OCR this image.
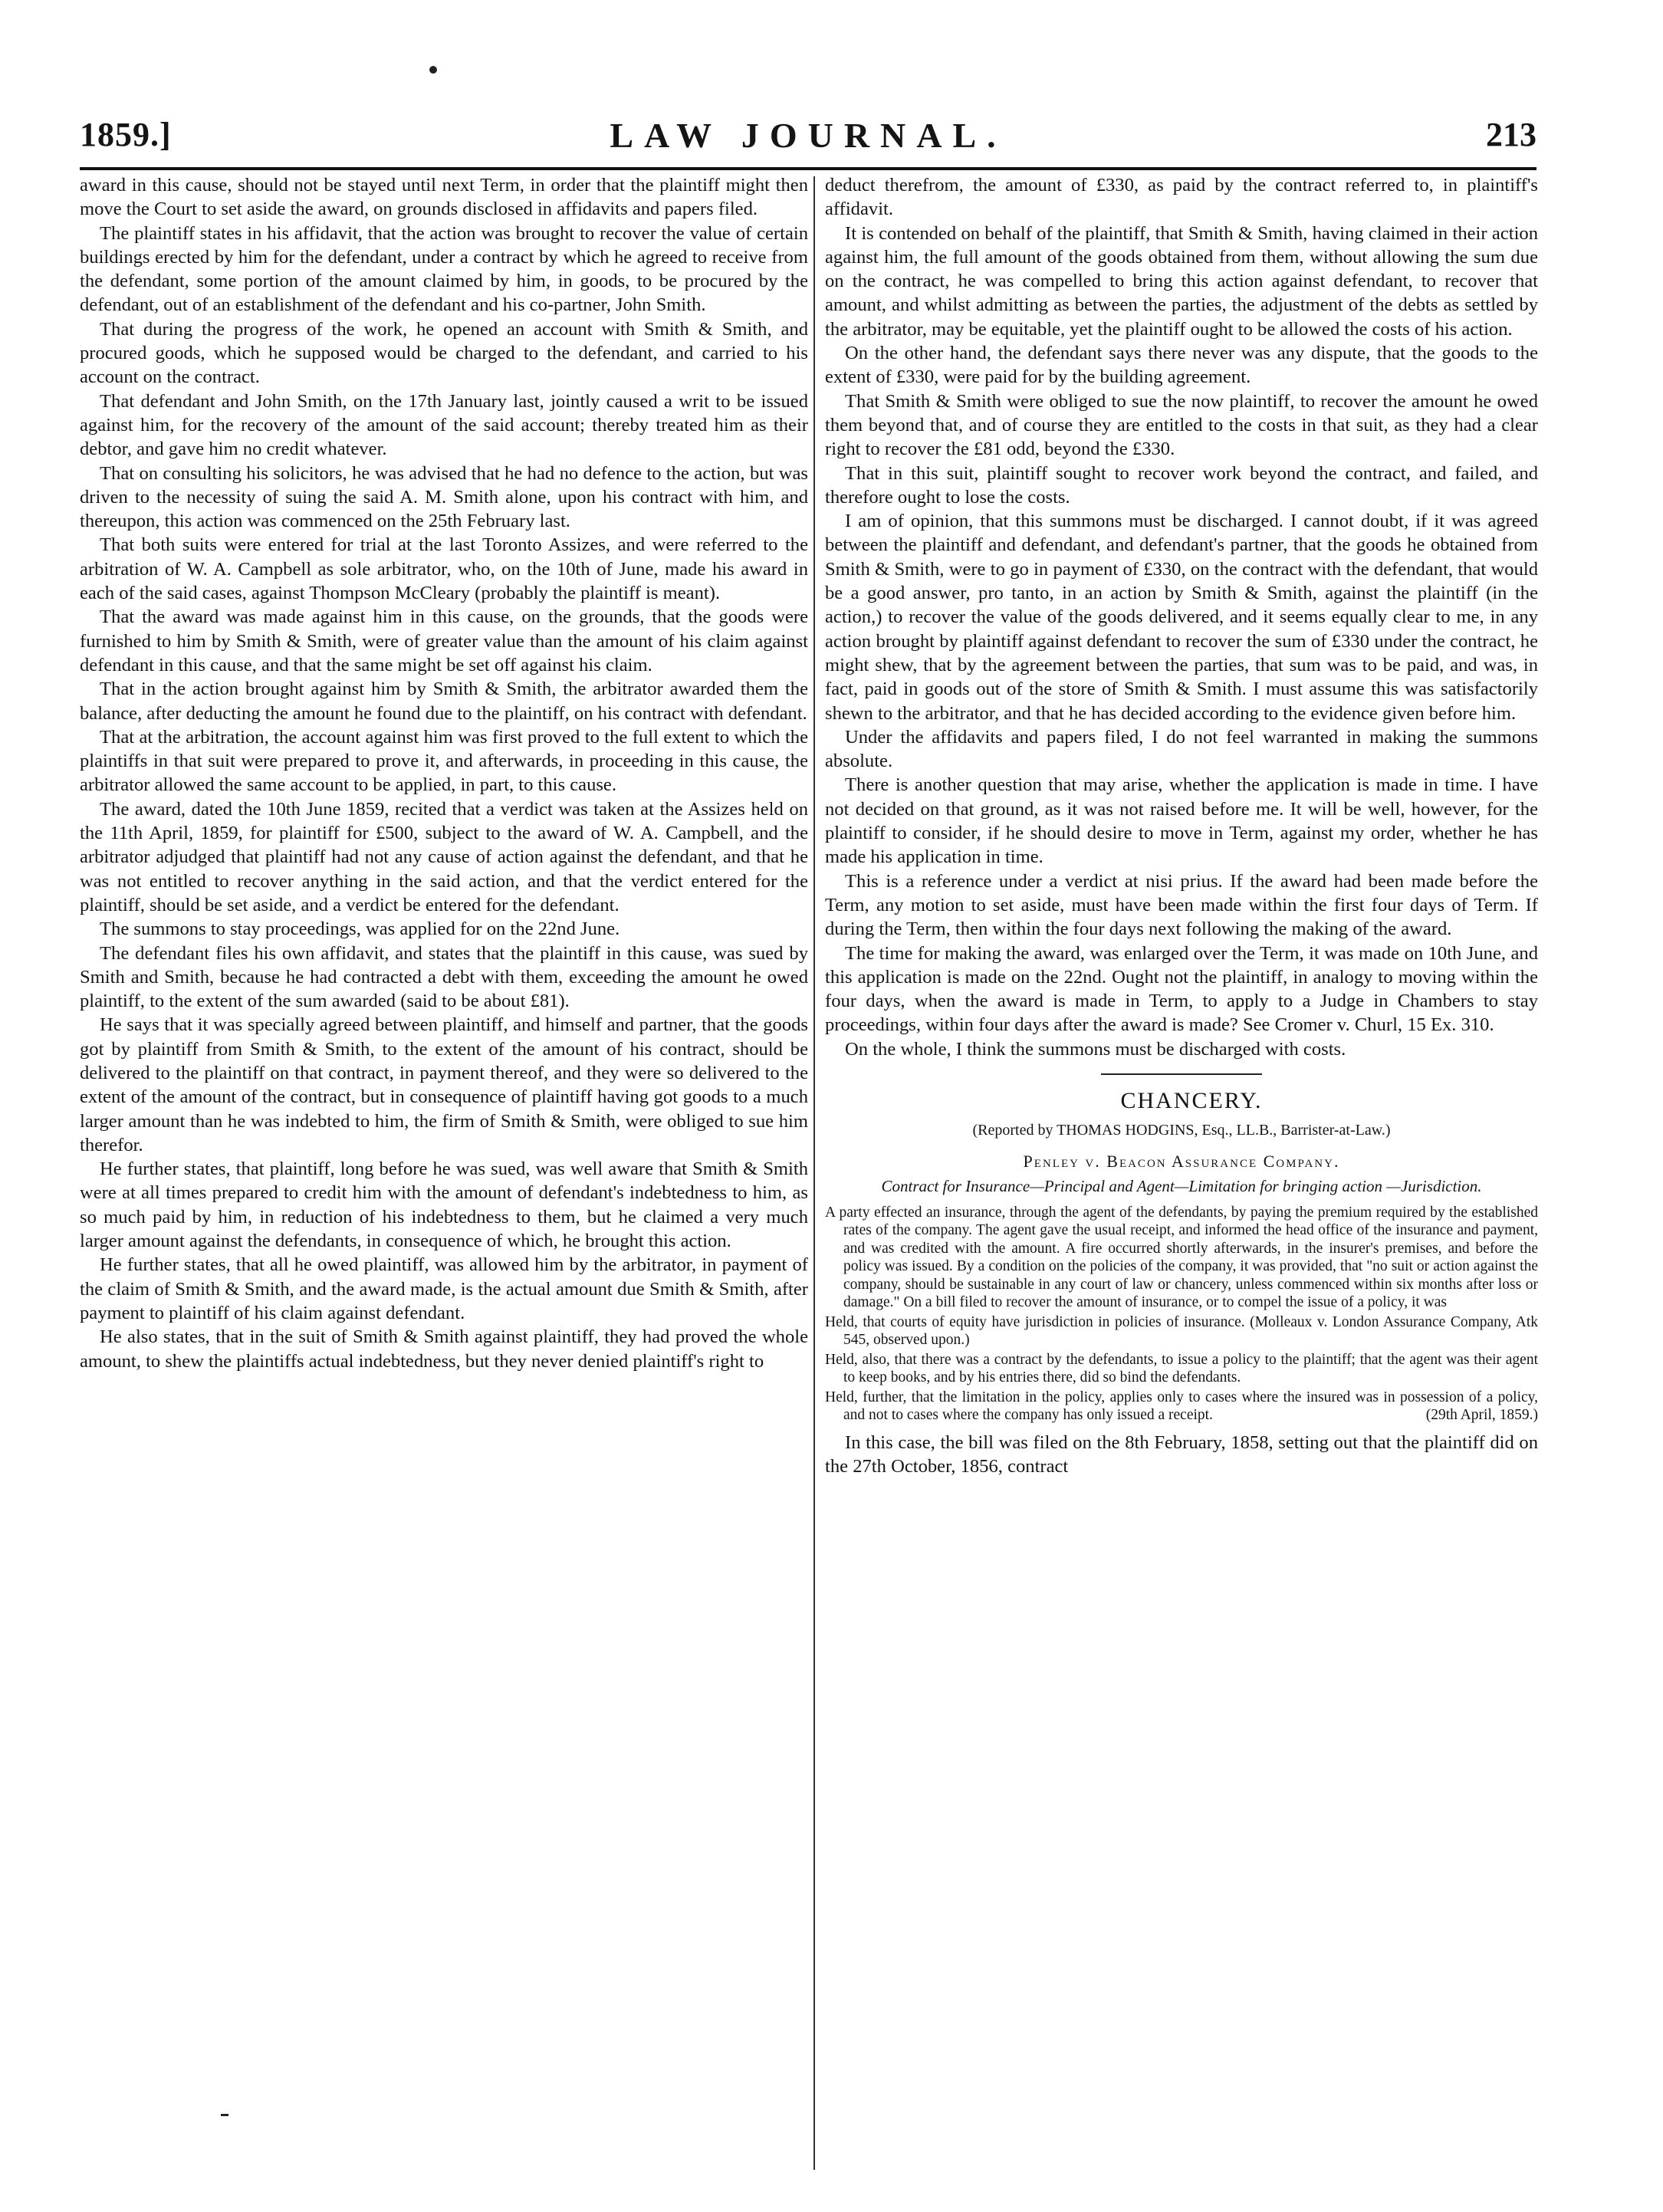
1859.]	LAW JOURNAL.	213

award in this cause, should not be stayed until next Term, in order that the plaintiff might then move the Court to set aside the award, on grounds disclosed in affidavits and papers filed.

The plaintiff states in his affidavit, that the action was brought to recover the value of certain buildings erected by him for the defendant, under a contract by which he agreed to receive from the defendant, some portion of the amount claimed by him, in goods, to be procured by the defendant, out of an establishment of the defendant and his co-partner, John Smith.

That during the progress of the work, he opened an account with Smith & Smith, and procured goods, which he supposed would be charged to the defendant, and carried to his account on the contract.

That defendant and John Smith, on the 17th January last, jointly caused a writ to be issued against him, for the recovery of the amount of the said account; thereby treated him as their debtor, and gave him no credit whatever.

That on consulting his solicitors, he was advised that he had no defence to the action, but was driven to the necessity of suing the said A. M. Smith alone, upon his contract with him, and thereupon, this action was commenced on the 25th February last.

That both suits were entered for trial at the last Toronto Assizes, and were referred to the arbitration of W. A. Campbell as sole arbitrator, who, on the 10th of June, made his award in each of the said cases, against Thompson McCleary (probably the plaintiff is meant).

That the award was made against him in this cause, on the grounds, that the goods were furnished to him by Smith & Smith, were of greater value than the amount of his claim against defendant in this cause, and that the same might be set off against his claim.

That in the action brought against him by Smith & Smith, the arbitrator awarded them the balance, after deducting the amount he found due to the plaintiff, on his contract with defendant.

That at the arbitration, the account against him was first proved to the full extent to which the plaintiffs in that suit were prepared to prove it, and afterwards, in proceeding in this cause, the arbitrator allowed the same account to be applied, in part, to this cause.

The award, dated the 10th June 1859, recited that a verdict was taken at the Assizes held on the 11th April, 1859, for plaintiff for £500, subject to the award of W. A. Campbell, and the arbitrator adjudged that plaintiff had not any cause of action against the defendant, and that he was not entitled to recover anything in the said action, and that the verdict entered for the plaintiff, should be set aside, and a verdict be entered for the defendant.

The summons to stay proceedings, was applied for on the 22nd June.

The defendant files his own affidavit, and states that the plaintiff in this cause, was sued by Smith and Smith, because he had contracted a debt with them, exceeding the amount he owed plaintiff, to the extent of the sum awarded (said to be about £81).

He says that it was specially agreed between plaintiff, and himself and partner, that the goods got by plaintiff from Smith & Smith, to the extent of the amount of his contract, should be delivered to the plaintiff on that contract, in payment thereof, and they were so delivered to the extent of the amount of the contract, but in consequence of plaintiff having got goods to a much larger amount than he was indebted to him, the firm of Smith & Smith, were obliged to sue him therefor.

He further states, that plaintiff, long before he was sued, was well aware that Smith & Smith were at all times prepared to credit him with the amount of defendant's indebtedness to him, as so much paid by him, in reduction of his indebtedness to them, but he claimed a very much larger amount against the defendants, in consequence of which, he brought this action.

He further states, that all he owed plaintiff, was allowed him by the arbitrator, in payment of the claim of Smith & Smith, and the award made, is the actual amount due Smith & Smith, after payment to plaintiff of his claim against defendant.

He also states, that in the suit of Smith & Smith against plaintiff, they had proved the whole amount, to shew the plaintiffs actual indebtedness, but they never denied plaintiff's right to

deduct therefrom, the amount of £330, as paid by the contract referred to, in plaintiff's affidavit.

It is contended on behalf of the plaintiff, that Smith & Smith, having claimed in their action against him, the full amount of the goods obtained from them, without allowing the sum due on the contract, he was compelled to bring this action against defendant, to recover that amount, and whilst admitting as between the parties, the adjustment of the debts as settled by the arbitrator, may be equitable, yet the plaintiff ought to be allowed the costs of his action.

On the other hand, the defendant says there never was any dispute, that the goods to the extent of £330, were paid for by the building agreement.

That Smith & Smith were obliged to sue the now plaintiff, to recover the amount he owed them beyond that, and of course they are entitled to the costs in that suit, as they had a clear right to recover the £81 odd, beyond the £330.

That in this suit, plaintiff sought to recover work beyond the contract, and failed, and therefore ought to lose the costs.

I am of opinion, that this summons must be discharged. I cannot doubt, if it was agreed between the plaintiff and defendant, and defendant's partner, that the goods he obtained from Smith & Smith, were to go in payment of £330, on the contract with the defendant, that would be a good answer, pro tanto, in an action by Smith & Smith, against the plaintiff (in the action,) to recover the value of the goods delivered, and it seems equally clear to me, in any action brought by plaintiff against defendant to recover the sum of £330 under the contract, he might shew, that by the agreement between the parties, that sum was to be paid, and was, in fact, paid in goods out of the store of Smith & Smith. I must assume this was satisfactorily shewn to the arbitrator, and that he has decided according to the evidence given before him.

Under the affidavits and papers filed, I do not feel warranted in making the summons absolute.

There is another question that may arise, whether the application is made in time. I have not decided on that ground, as it was not raised before me. It will be well, however, for the plaintiff to consider, if he should desire to move in Term, against my order, whether he has made his application in time.

This is a reference under a verdict at nisi prius. If the award had been made before the Term, any motion to set aside, must have been made within the first four days of Term. If during the Term, then within the four days next following the making of the award.

The time for making the award, was enlarged over the Term, it was made on 10th June, and this application is made on the 22nd. Ought not the plaintiff, in analogy to moving within the four days, when the award is made in Term, to apply to a Judge in Chambers to stay proceedings, within four days after the award is made? See Cromer v. Churl, 15 Ex. 310.

On the whole, I think the summons must be discharged with costs.

CHANCERY.

(Reported by THOMAS HODGINS, Esq., LL.B., Barrister-at-Law.)
Penley v. Beacon Assurance Company.
Contract for Insurance—Principal and Agent—Limitation for bringing action —Jurisdiction.

A party effected an insurance, through the agent of the defendants, by paying the premium required by the established rates of the company. The agent gave the usual receipt, and informed the head office of the insurance and payment, and was credited with the amount. A fire occurred shortly afterwards, in the insurer's premises, and before the policy was issued. By a condition on the policies of the company, it was provided, that "no suit or action against the company, should be sustainable in any court of law or chancery, unless commenced within six months after loss or damage." On a bill filed to recover the amount of insurance, or to compel the issue of a policy, it was

Held, that courts of equity have jurisdiction in policies of insurance. (Molleaux v. London Assurance Company, Atk 545, observed upon.)

Held, also, that there was a contract by the defendants, to issue a policy to the plaintiff; that the agent was their agent to keep books, and by his entries there, did so bind the defendants.

Held, further, that the limitation in the policy, applies only to cases where the insured was in possession of a policy, and not to cases where the company has only issued a receipt.	(29th April, 1859.)

In this case, the bill was filed on the 8th February, 1858, setting out that the plaintiff did on the 27th October, 1856, contract
